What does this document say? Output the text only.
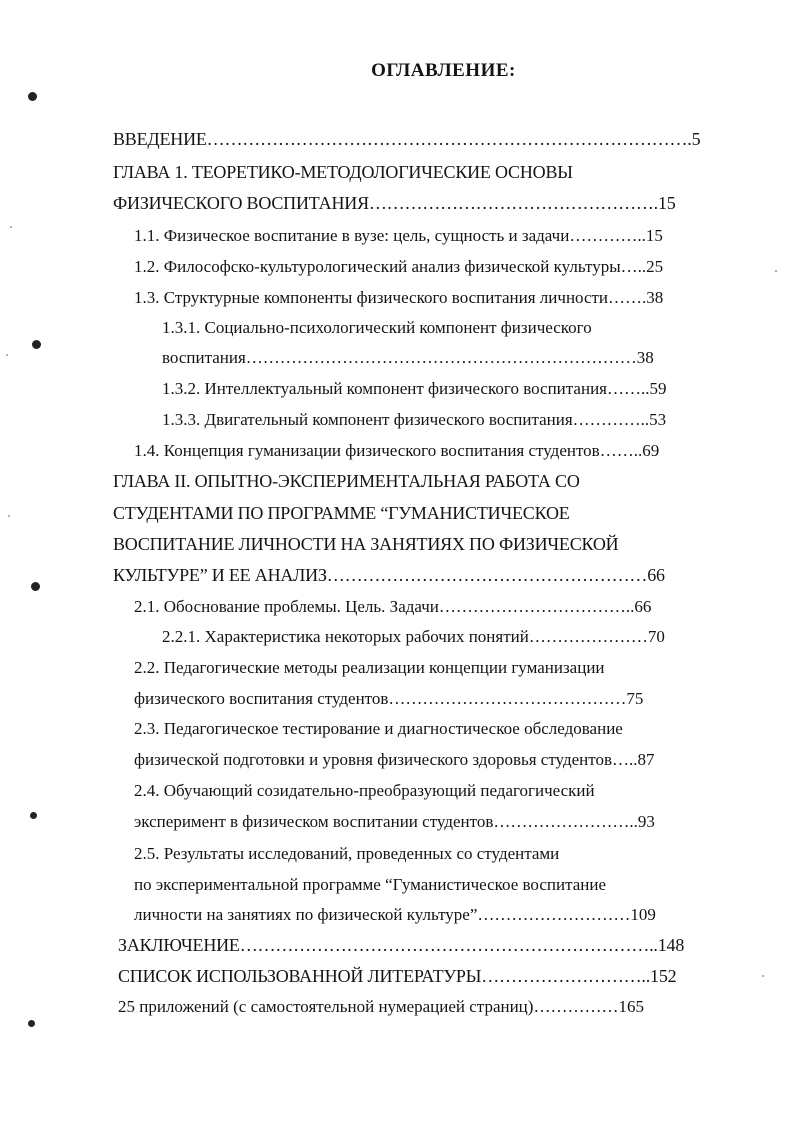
ОГЛАВЛЕНИЕ:
ВВЕДЕНИЕ……………………………………………………………………….5
ГЛАВА 1. ТЕОРЕТИКО-МЕТОДОЛОГИЧЕСКИЕ ОСНОВЫ
ФИЗИЧЕСКОГО ВОСПИТАНИЯ………………………………………….15
1.1. Физическое воспитание в вузе: цель, сущность и задачи…………..15
1.2. Философско-культурологический анализ физической культуры…..25
1.3. Структурные компоненты физического воспитания личности…….38
1.3.1. Социально-психологический компонент физического
воспитания……………………………………………………………38
1.3.2. Интеллектуальный компонент физического воспитания……..59
1.3.3. Двигательный компонент физического воспитания…………..53
1.4. Концепция гуманизации физического воспитания студентов……..69
ГЛАВА II. ОПЫТНО-ЭКСПЕРИМЕНТАЛЬНАЯ РАБОТА СО
СТУДЕНТАМИ ПО ПРОГРАММЕ “ГУМАНИСТИЧЕСКОЕ
ВОСПИТАНИЕ ЛИЧНОСТИ НА ЗАНЯТИЯХ ПО ФИЗИЧЕСКОЙ
КУЛЬТУРЕ” И ЕЕ АНАЛИЗ………………………………………………66
2.1. Обоснование проблемы. Цель. Задачи……………………………..66
2.2.1. Характеристика некоторых рабочих понятий…………………70
2.2. Педагогические методы реализации концепции гуманизации
физического воспитания студентов……………………………………75
2.3. Педагогическое тестирование и диагностическое обследование
физической подготовки и уровня физического здоровья студентов…..87
2.4. Обучающий созидательно-преобразующий педагогический
эксперимент в физическом воспитании студентов……………………..93
2.5. Результаты исследований, проведенных со студентами
по экспериментальной программе “Гуманистическое воспитание
личности на занятиях по физической культуре”………………………109
ЗАКЛЮЧЕНИЕ……………………………………………………………..148
СПИСОК ИСПОЛЬЗОВАННОЙ ЛИТЕРАТУРЫ………………………..152
25 приложений (с самостоятельной нумерацией страниц)……………165
